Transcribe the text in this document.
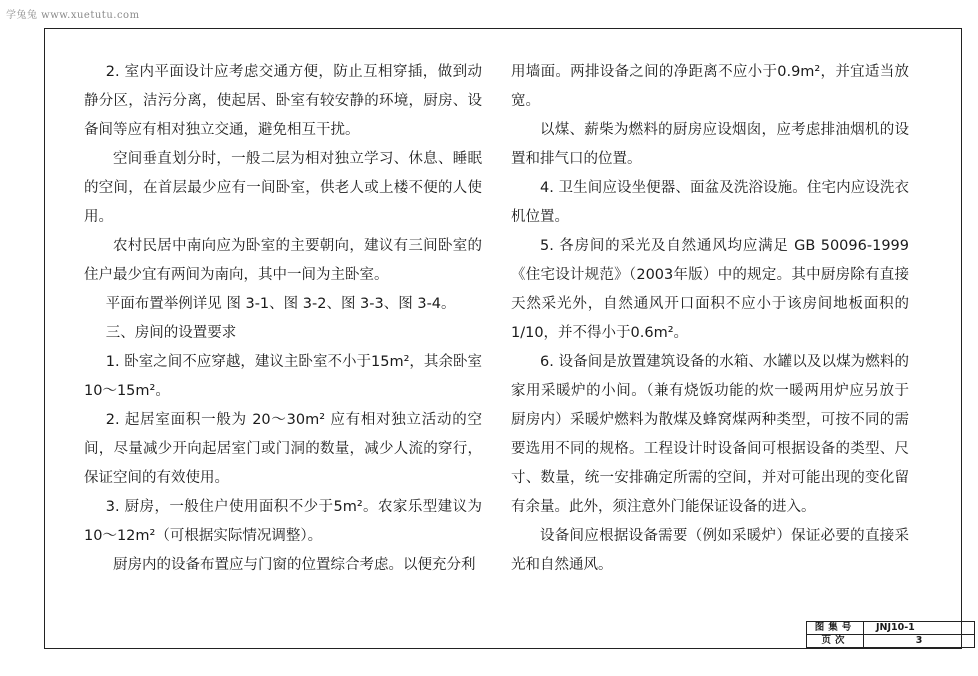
学兔兔 www.xuetutu.com

2. 室内平面设计应考虑交通方便，防止互相穿插，做到动静分区，洁污分离，使起居、卧室有较安静的环境，厨房、设备间等应有相对独立交通，避免相互干扰。

空间垂直划分时，一般二层为相对独立学习、休息、睡眠的空间，在首层最少应有一间卧室，供老人或上楼不便的人使用。

农村民居中南向应为卧室的主要朝向，建议有三间卧室的住户最少宜有两间为南向，其中一间为主卧室。

平面布置举例详见 图 3-1、图 3-2、图 3-3、图 3-4。

三、房间的设置要求

1. 卧室之间不应穿越，建议主卧室不小于15m²，其余卧室10～15m²。

2. 起居室面积一般为 20～30m² 应有相对独立活动的空间，尽量减少开向起居室门或门洞的数量，减少人流的穿行，保证空间的有效使用。

3. 厨房，一般住户使用面积不少于5m²。农家乐型建议为10～12m²（可根据实际情况调整）。

厨房内的设备布置应与门窗的位置综合考虑。以便充分利

用墙面。两排设备之间的净距离不应小于0.9m²，并宜适当放宽。

以煤、薪柴为燃料的厨房应设烟囱，应考虑排油烟机的设置和排气口的位置。

4. 卫生间应设坐便器、面盆及洗浴设施。住宅内应设洗衣机位置。

5. 各房间的采光及自然通风均应满足 GB 50096-1999《住宅设计规范》（2003年版）中的规定。其中厨房除有直接天然采光外，自然通风开口面积不应小于该房间地板面积的1/10，并不得小于0.6m²。

6. 设备间是放置建筑设备的水箱、水罐以及以煤为燃料的家用采暖炉的小间。（兼有烧饭功能的炊一暖两用炉应另放于厨房内）采暖炉燃料为散煤及蜂窝煤两种类型，可按不同的需要选用不同的规格。工程设计时设备间可根据设备的类型、尺寸、数量，统一安排确定所需的空间，并对可能出现的变化留有余量。此外，须注意外门能保证设备的进入。

设备间应根据设备需要（例如采暖炉）保证必要的直接采光和自然通风。

图集号	JNJ10-1
页次	3
